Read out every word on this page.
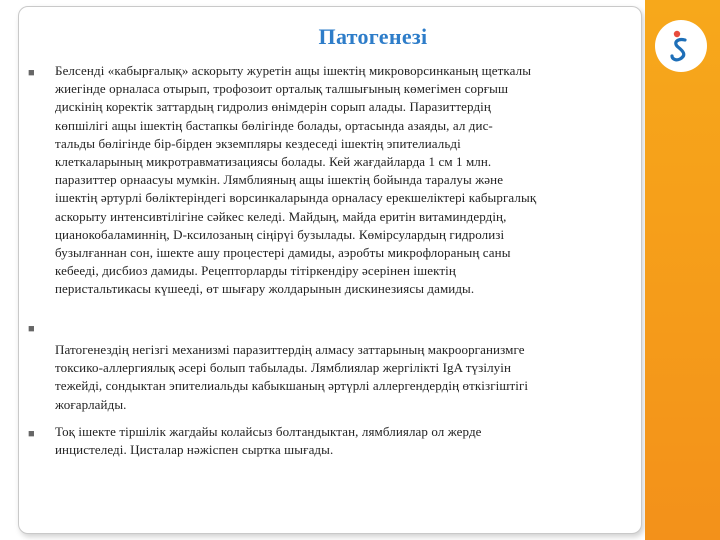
Патогенезі
■ Белсенді «кабырғалық» аскорыту журетін ащы ішектің микроворсинканың щеткалы
жиегінде орналаса отырып, трофозоит орталық талшығының көмегімен сорғыш
дискінің коректік заттардың гидролиз өнімдерін сорып алады. Паразиттердің
көпшілігі ащы ішектің бастапкы бөлігінде болады, ортасында азаяды, ал дис-
тальды бөлігінде бір-бірден экземпляры кездеседі ішектің эпителиальді
клеткаларының микротравматизациясы болады. Кей жағдайларда 1 см 1 млн.
паразиттер орнаасуы мумкін. Лямблияның ащы ішектің бойында таралуы және
ішектің әртурлі бөліктеріндегі ворсинкаларында орналасу ерекшеліктері кабыргалық
аскорыту интенсивтілігіне сәйкес келеді. Майдың, майда еритін витаминдердің,
цианокобаламиннің, D-ксилозаның сіңірүі бузылады. Көмірсулардың гидролизі
бузылғаннан сон, ішекте ашу процестері дамиды, аэробты микрофлораның саны
кебееді, дисбиоз дамиды. Рецепторларды тітіркендіру әсерінен ішектің
перистальтикасы күшееді, өт шығару жолдарынын дискинезиясы дамиды.
■
Патогенездің негізгі механизмі паразиттердің алмасу заттарының макроорганизмге
токсико-аллергиялық әсері болып табылады. Лямблиялар жергілікті IgA түзілуін
тежейді, сондыктан эпителиальды кабыкшаның әртүрлі аллергендердің өткізгіштігі
жоғарлайды.
■ Тоқ ішекте тіршілік жагдайы колайсыз болтандыктан, лямблиялар ол жерде
инцистеледі. Цисталар нәжіспен сыртка шығады.
